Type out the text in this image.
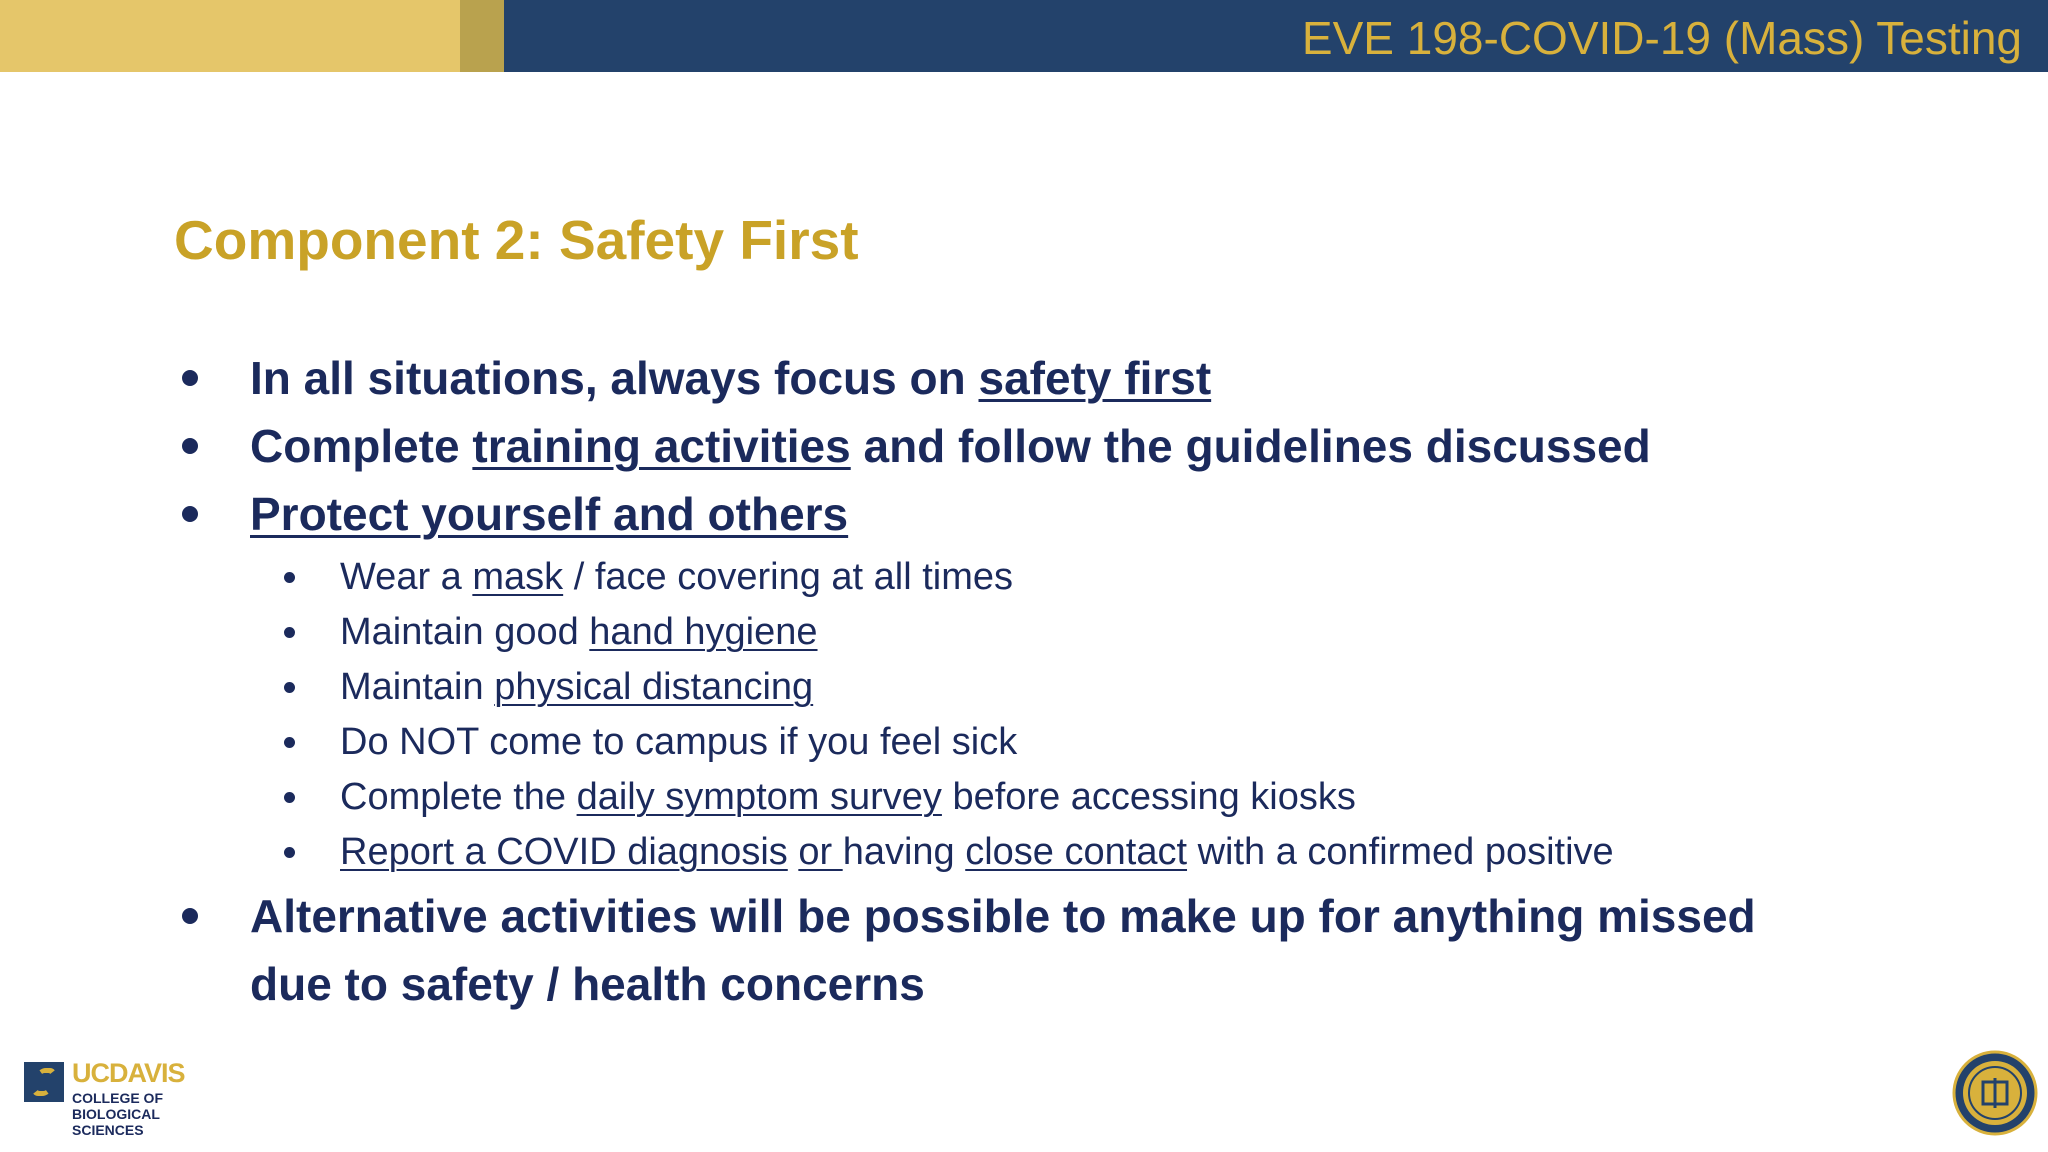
EVE 198-COVID-19 (Mass) Testing
Component 2: Safety First
In all situations, always focus on safety first
Complete training activities and follow the guidelines discussed
Protect yourself and others
Wear a mask / face covering at all times
Maintain good hand hygiene
Maintain physical distancing
Do NOT come to campus if you feel sick
Complete the daily symptom survey before accessing kiosks
Report a COVID diagnosis or having close contact with a confirmed positive
Alternative activities will be possible to make up for anything missed
due to safety / health concerns
UCDAVIS
COLLEGE OF
BIOLOGICAL
SCIENCES
